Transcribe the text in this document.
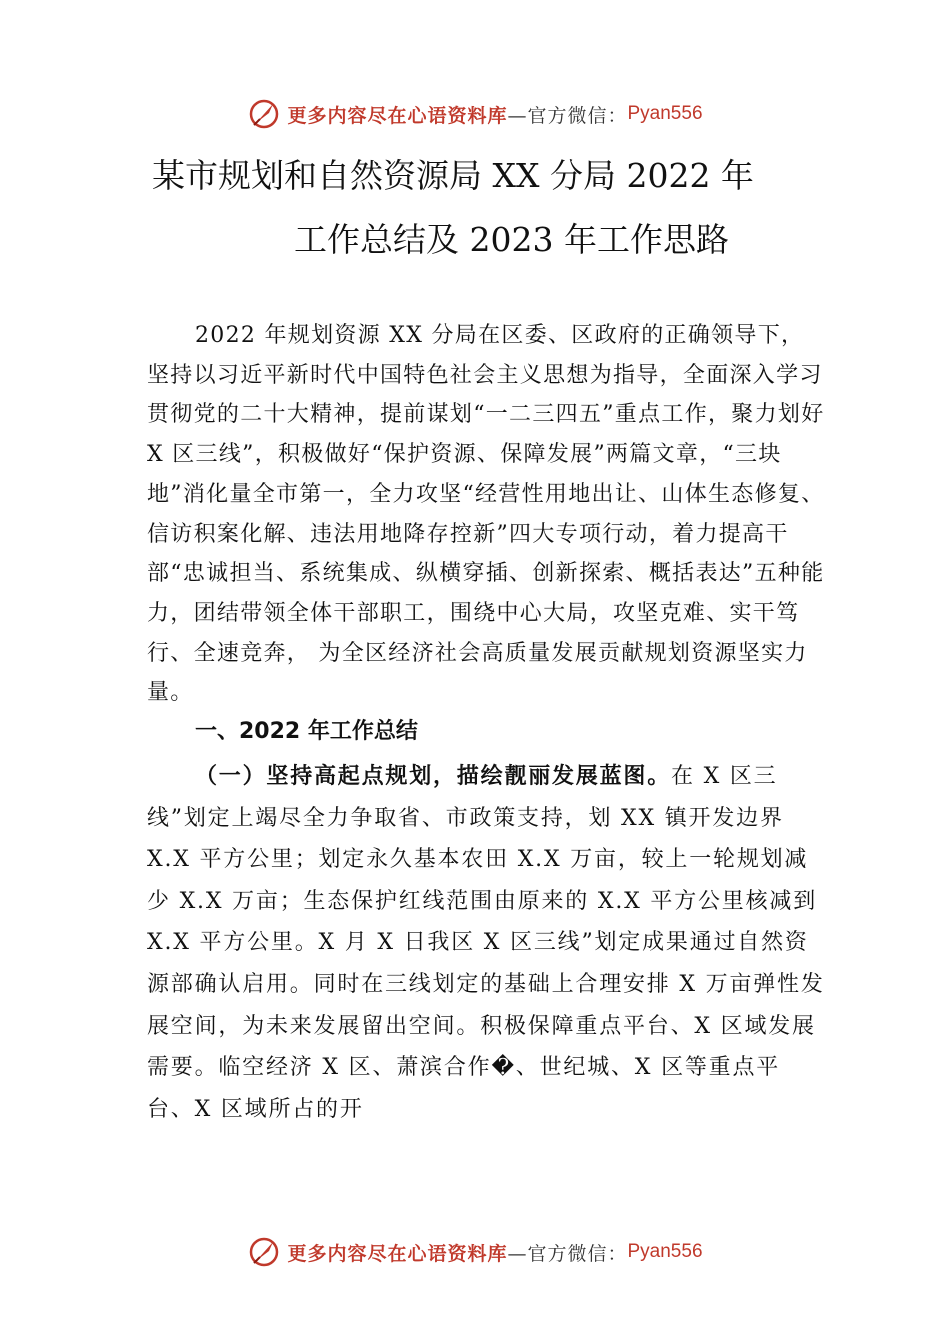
更多内容尽在心语资料库 —官方微信： Pyan556
某市规划和自然资源局 XX 分局 2022 年
工作总结及 2023 年工作思路

2022 年规划资源 XX 分局在区委、区政府的正确领导下， 坚持以习近平新时代中国特色社会主义思想为指导，全面深入学习贯彻党的二十大精神，提前谋划“一二三四五”重点工作，聚力划好 X 区三线”，积极做好“保护资源、保障发展”两篇文章，“三块地”消化量全市第一，全力攻坚“经营性用地出让、山体生态修复、信访积案化解、违法用地降存控新”四大专项行动，着力提高干部“忠诚担当、系统集成、纵横穿插、创新探索、概括表达”五种能力，团结带领全体干部职工，围绕中心大局，攻坚克难、实干笃行、全速竞奔， 为全区经济社会高质量发展贡献规划资源坚实力量。

一、2022 年工作总结

（一）坚持高起点规划，描绘靓丽发展蓝图。在 X 区三线”划定上竭尽全力争取省、市政策支持，划 XX 镇开发边界 X.X 平方公里；划定永久基本农田 X.X 万亩，较上一轮规划减少 X.X 万亩；生态保护红线范围由原来的 X.X 平方公里核减到 X.X 平方公里。X 月 X 日我区 X 区三线”划定成果通过自然资源部确认启用。同时在三线划定的基础上合理安排 X 万亩弹性发展空间，为未来发展留出空间。积极保障重点平台、X 区域发展需要。临空经济 X 区、萧滨合作�、世纪城、X 区等重点平台、X 区域所占的开

更多内容尽在心语资料库 —官方微信： Pyan556
